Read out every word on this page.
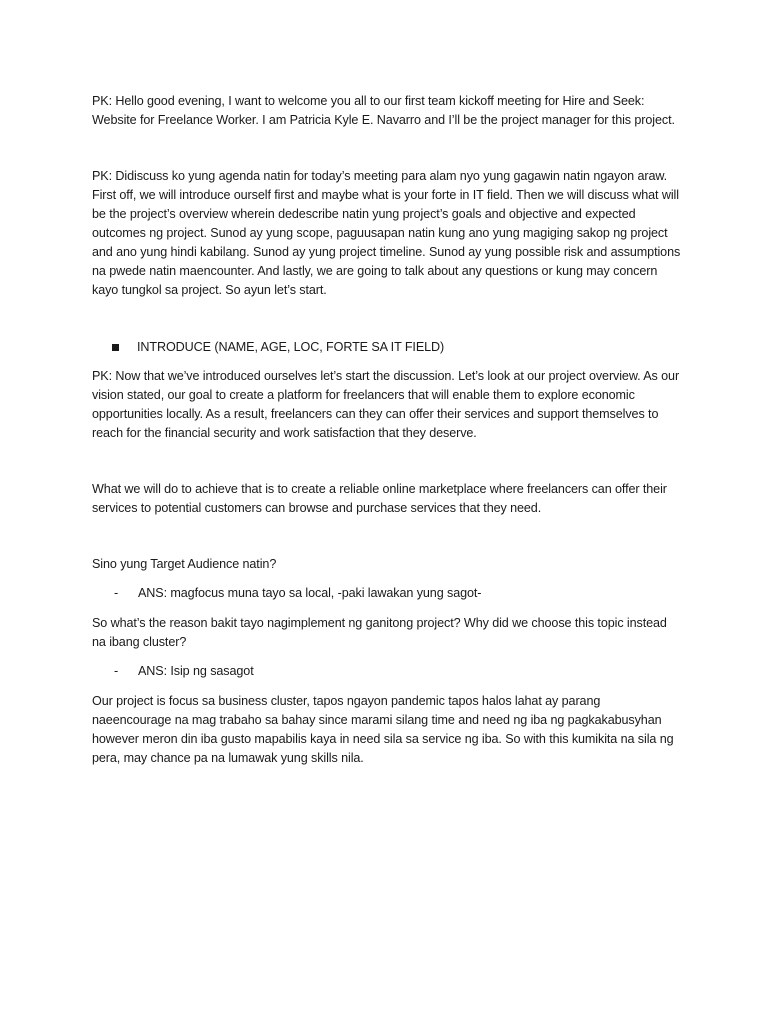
PK: Hello good evening, I want to welcome you all to our first team kickoff meeting for Hire and Seek: Website for Freelance Worker. I am Patricia Kyle E. Navarro and I’ll be the project manager for this project.

PK: Didiscuss ko yung agenda natin for today’s meeting para alam nyo yung gagawin natin ngayon araw. First off, we will introduce ourself first and maybe what is your forte in IT field. Then we will discuss what will be the project’s overview wherein dedescribe natin yung project’s goals and objective and expected outcomes ng project. Sunod ay yung scope, paguusapan natin kung ano yung magiging sakop ng project and ano yung hindi kabilang. Sunod ay yung project timeline. Sunod ay yung possible risk and assumptions na pwede natin maencounter. And lastly, we are going to talk about any questions or kung may concern kayo tungkol sa project. So ayun let’s start.

INTRODUCE (NAME, AGE, LOC, FORTE SA IT FIELD)

PK: Now that we’ve introduced ourselves let’s start the discussion. Let’s look at our project overview. As our vision stated, our goal to create a platform for freelancers that will enable them to explore economic opportunities locally. As a result, freelancers can they can offer their services and support themselves to reach for the financial security and work satisfaction that they deserve.

What we will do to achieve that is to create a reliable online marketplace where freelancers can offer their services to potential customers can browse and purchase services that they need.

Sino yung Target Audience natin?

-	ANS: magfocus muna tayo sa local, -paki lawakan yung sagot-

So what’s the reason bakit tayo nagimplement ng ganitong project? Why did we choose this topic instead na ibang cluster?

-	ANS: Isip ng sasagot

Our project is focus sa business cluster, tapos ngayon pandemic tapos halos lahat ay parang naeencourage na mag trabaho sa bahay since marami silang time and need ng iba ng pagkakabusyhan however meron din iba gusto mapabilis kaya in need sila sa service ng iba. So with this kumikita na sila ng pera, may chance pa na lumawak yung skills nila.
